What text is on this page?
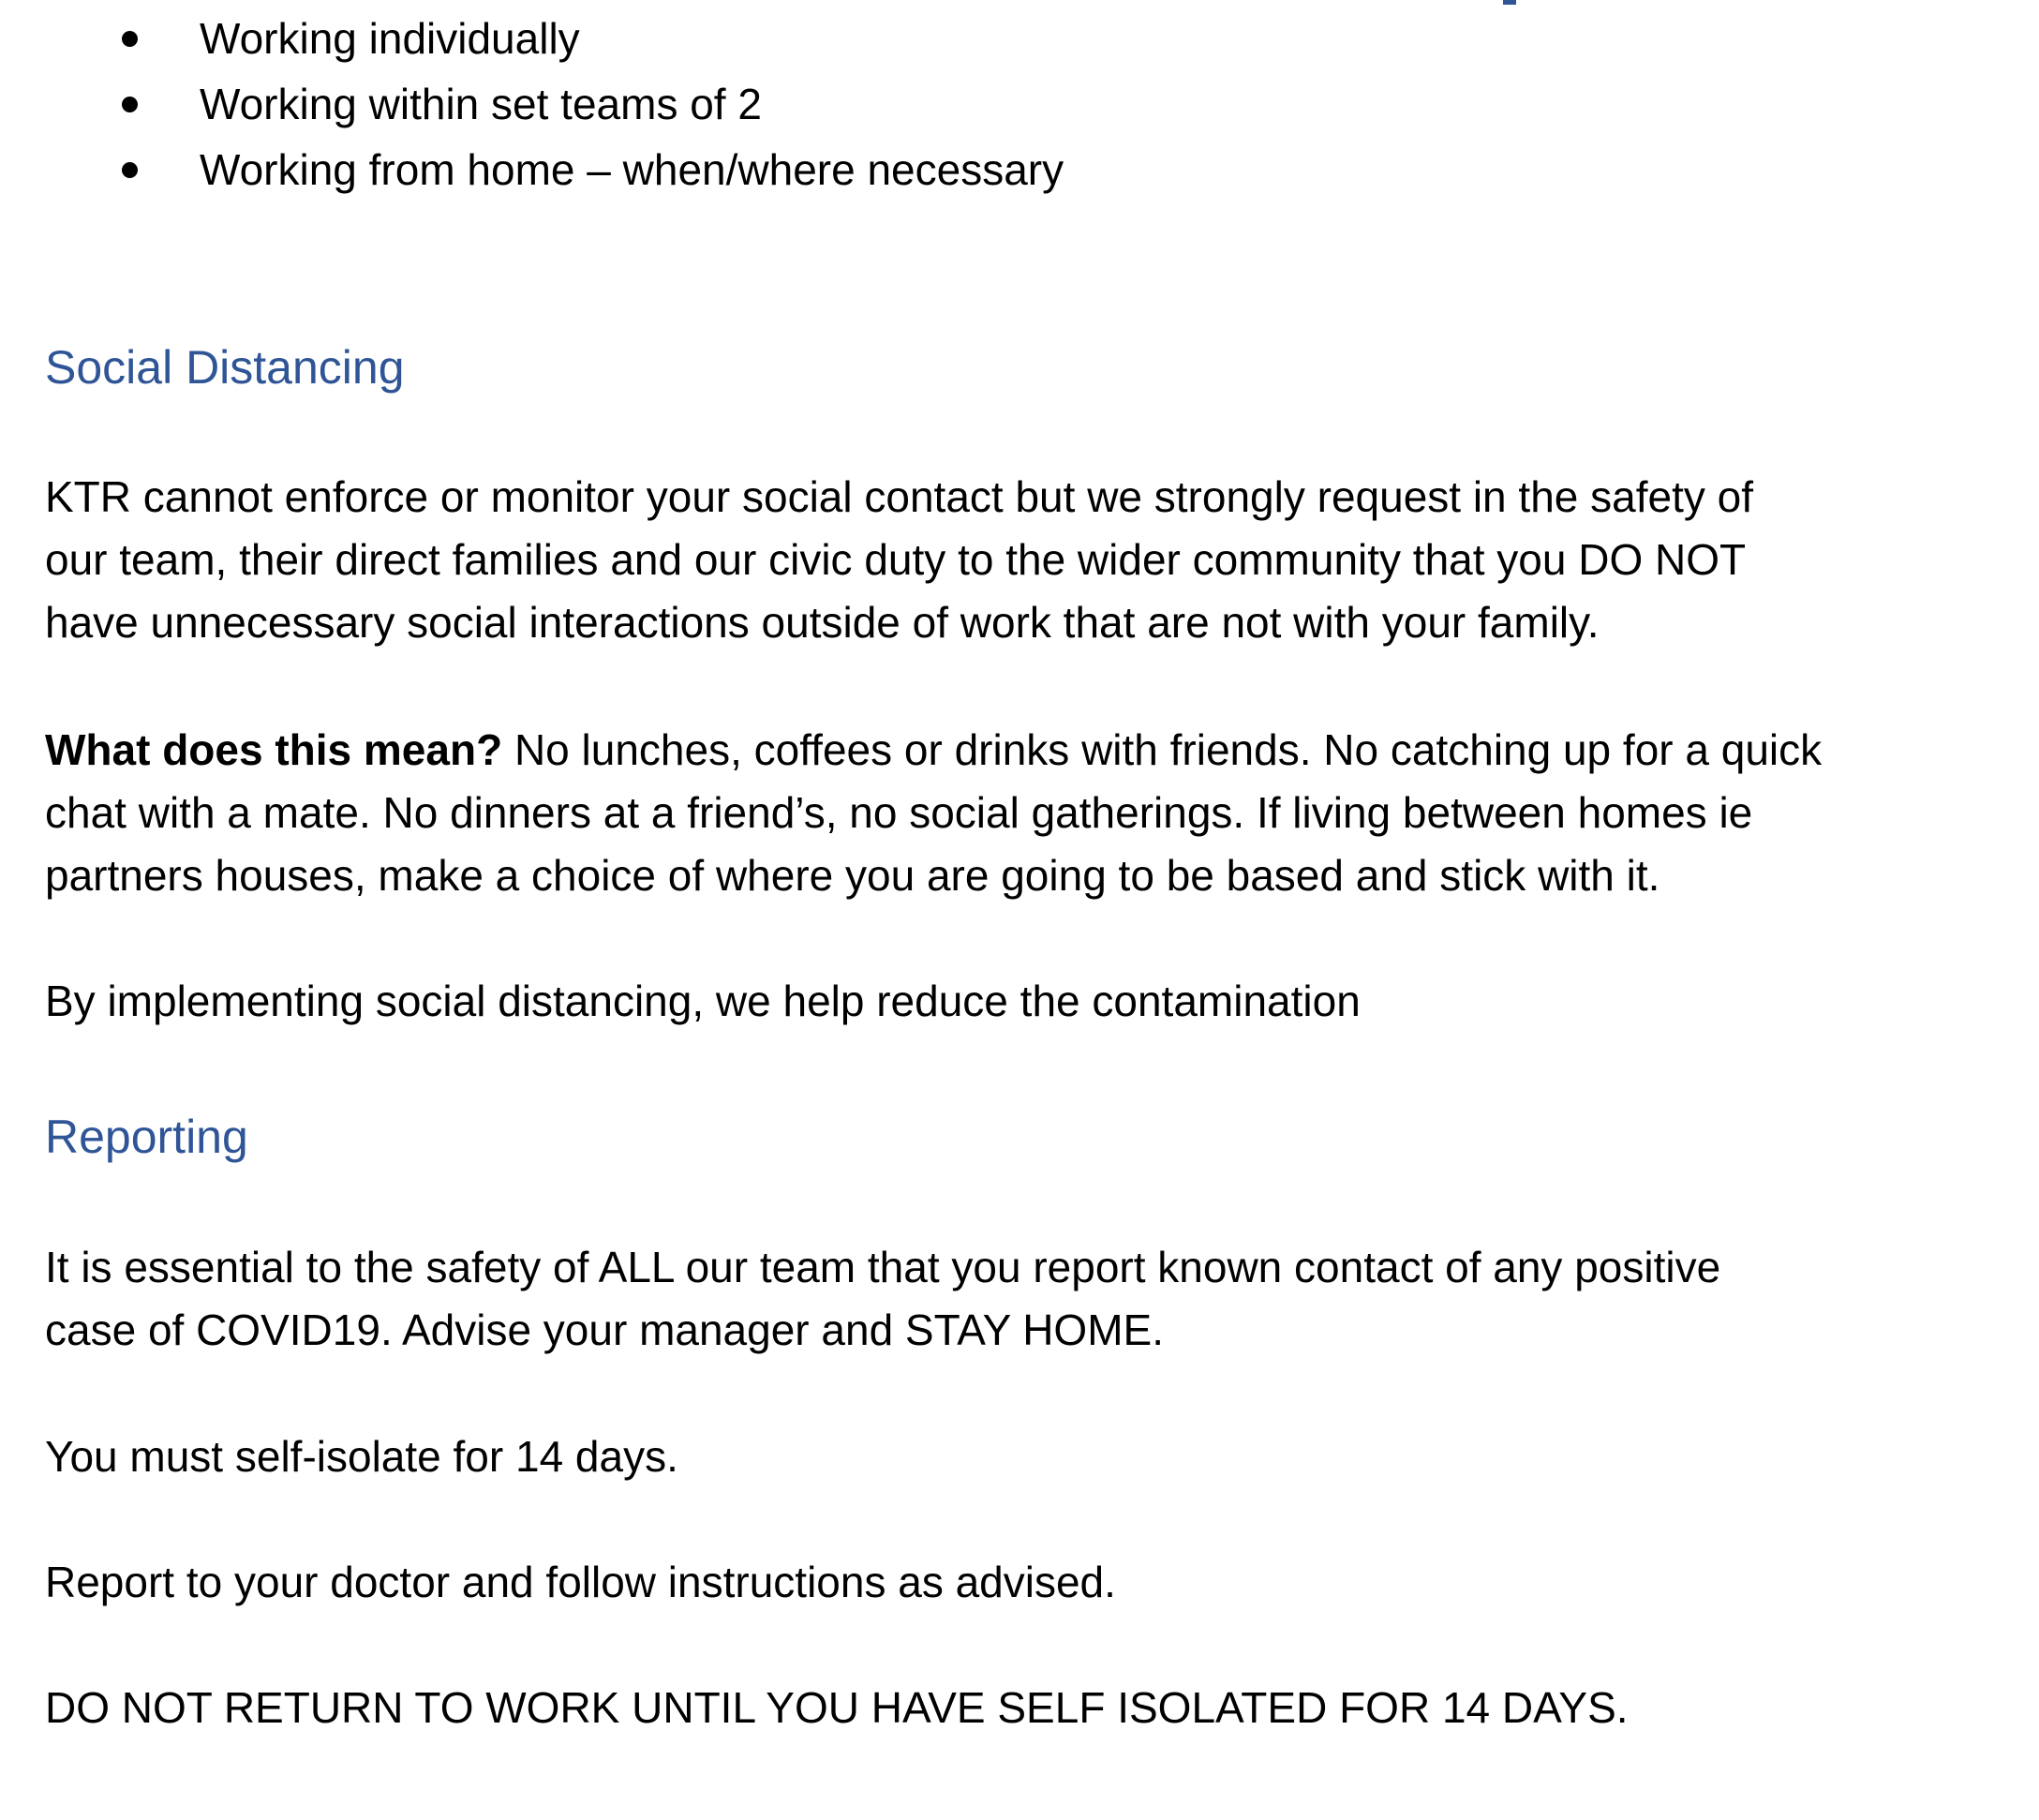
Working individually
Working within set teams of 2
Working from home – when/where necessary
Social Distancing

KTR cannot enforce or monitor your social contact but we strongly request in the safety of
our team, their direct families and our civic duty to the wider community that you DO NOT
have unnecessary social interactions outside of work that are not with your family.

What does this mean? No lunches, coffees or drinks with friends. No catching up for a quick
chat with a mate. No dinners at a friend’s, no social gatherings. If living between homes ie
partners houses, make a choice of where you are going to be based and stick with it.

By implementing social distancing, we help reduce the contamination

Reporting

It is essential to the safety of ALL our team that you report known contact of any positive
case of COVID19. Advise your manager and STAY HOME.

You must self-isolate for 14 days.

Report to your doctor and follow instructions as advised.

DO NOT RETURN TO WORK UNTIL YOU HAVE SELF ISOLATED FOR 14 DAYS.
